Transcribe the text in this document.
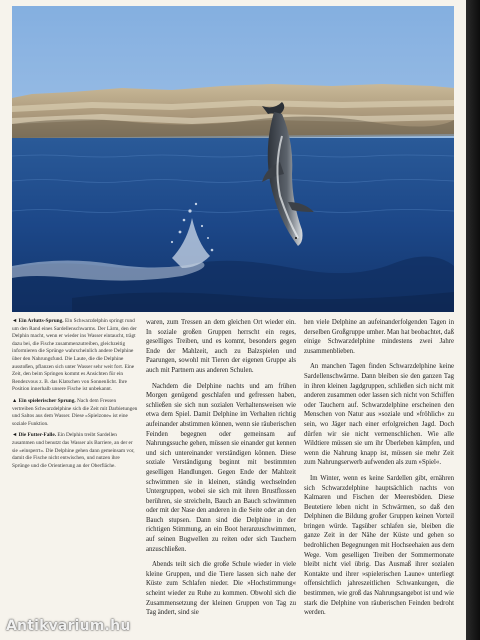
◄ Ein Arlutts-Sprung. Ein Schwarzdelphin springt rund um den Rand eines Sardellenschwarms. Der Lärm, den der Delphin macht, wenn er wieder ins Wasser eintaucht, trägt dazu bei, die Fische zusammenzutreiben, gleichzeitig informieren die Sprünge wahrscheinlich andere Delphine über den Nahrungsfund. Die Laute, die die Delphine ausstoßen, pflanzen sich unter Wasser sehr weit fort. Eine Zeit, den beim Springen kommt es Ansichten für ein Rendezvous z. B. das Klatschen von Sonnenlicht. Ihre Position innerhalb unsere Fische ist unbekannt.

▲ Ein spielerischer Sprung. Nach dem Fressen vertreiben Schwarzdelphine sich die Zeit mit Darbietungen und Saltos aus dem Wasser. Diese »Spielzone« ist eine soziale Funktion.

◄ Die Futter-Falle. Ein Delphin treibt Sardellen zusammen und benutzt das Wasser als Barriere, an der er sie »einsperrt«. Die Delphine gehen dann gemeinsam vor, damit die Fische nicht entwischen, und nutzen ihre Sprünge und die Orientierung an der Oberfläche.

waren, zum Tressen an dem gleichen Ort wieder ein. In soziale großen Gruppen herrscht ein reges, geselliges Treiben, und es kommt, besonders gegen Ende der Mahlzeit, auch zu Balzspielen und Paarungen, sowohl mit Tieren der eigenen Gruppe als auch mit Partnern aus anderen Schulen.

Nachdem die Delphine nachts und am frühen Morgen genügend geschlafen und gefressen haben, schließen sie sich nun sozialen Verhaltensweisen wie etwa dem Spiel. Damit Delphine im Verhalten richtig aufeinander abstimmen können, wenn sie räuberischen Feinden begegnen oder gemeinsam auf Nahrungssuche gehen, müssen sie einander gut kennen und sich untereinander verständigen können. Diese soziale Verständigung beginnt mit bestimmten geselligen Handlungen. Gegen Ende der Mahlzeit schwimmen sie in kleinen, ständig wechselnden Untergruppen, wobei sie sich mit ihren Brustflossen berühren, sie streicheln, Bauch an Bauch schwimmen oder mit der Nase den anderen in die Seite oder an den Bauch stupsen. Dann sind die Delphine in der richtigen Stimmung, an ein Boot heranzuschwimmen, auf seinen Bugwellen zu reiten oder sich Tauchern anzuschließen.

Abends teilt sich die große Schule wieder in viele kleine Gruppen, und die Tiere lassen sich nahe der Küste zum Schlafen nieder. Die »Hochstimmung« scheint wieder zu Ruhe zu kommen. Obwohl sich die Zusammensetzung der kleinen Gruppen von Tag zu Tag ändert, sind sie

hen viele Delphine an aufeinanderfolgenden Tagen in derselben Großgruppe umher. Man hat beobachtet, daß einige Schwarzdelphine mindestens zwei Jahre zusammenblieben.

An manchen Tagen finden Schwarzdelphine keine Sardellenschwärme. Dann bleiben sie den ganzen Tag in ihren kleinen Jagdgruppen, schließen sich nicht mit anderen zusammen oder lassen sich nicht von Schiffen oder Tauchern auf. Schwarzdelphine erscheinen den Menschen von Natur aus »soziale und »fröhlich« zu sein, wo Jäger nach einer erfolgreichen Jagd. Doch dürfen wir sie nicht vermenschlichen. Wie alle Wildtiere müssen sie um ihr Überleben kämpfen, und wenn die Nahrung knapp ist, müssen sie mehr Zeit zum Nahrungserwerb aufwenden als zum »Spiel«.

Im Winter, wenn es keine Sardellen gibt, ernähren sich Schwarzdelphine hauptsächlich nachts von Kalmaren und Fischen der Meeresböden. Diese Beutetiere leben nicht in Schwärmen, so daß den Delphinen die Bildung großer Gruppen keinen Vorteil bringen würde. Tagsüber schlafen sie, bleiben die ganze Zeit in der Nähe der Küste und gehen so bedrohlichen Begegnungen mit Hochseehaien aus dem Wege. Vom geselligen Treiben der Sommermonate bleibt nicht viel übrig. Das Ausmaß ihrer sozialen Kontakte und ihrer »spielerischen Laune« unterliegt offensichtlich jahreszeitlichen Schwankungen, die bestimmen, wie groß das Nahrungsangebot ist und wie stark die Delphine von räuberischen Feinden bedroht werden.

Antikvarium.hu
